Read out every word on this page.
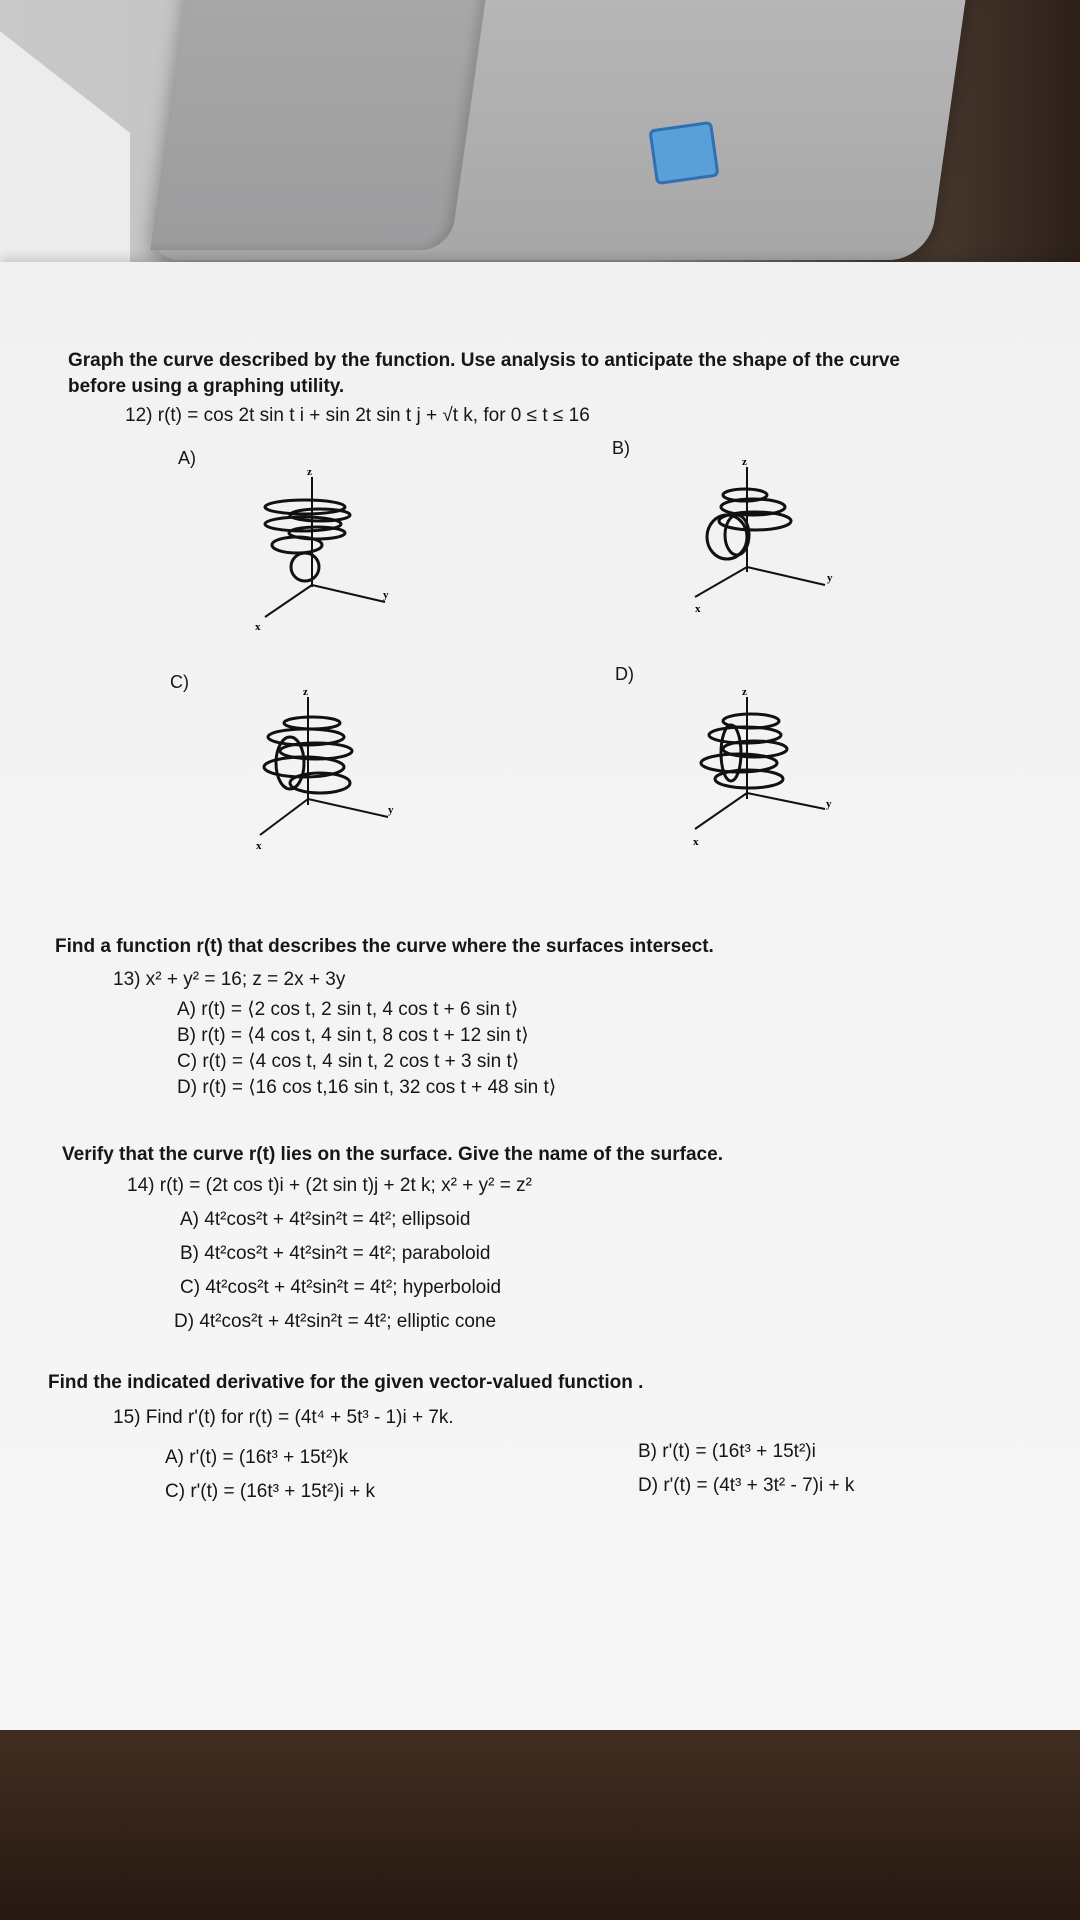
Graph the curve described by the function. Use analysis to anticipate the shape of the curve
before using a graphing utility.
12) r(t) = cos 2t sin t i + sin 2t sin t j + √t k, for 0 ≤ t ≤ 16
A)	B)
C)	D)
z
y
x
z
y
x
z
y
x
z
y
x
Find a function r(t) that describes the curve where the surfaces intersect.
13) x² + y² = 16; z = 2x + 3y
A) r(t) = ⟨2 cos t, 2 sin t, 4 cos t + 6 sin t⟩
B) r(t) = ⟨4 cos t, 4 sin t, 8 cos t + 12 sin t⟩
C) r(t) = ⟨4 cos t, 4 sin t, 2 cos t + 3 sin t⟩
D) r(t) = ⟨16 cos t,16 sin t, 32 cos t + 48 sin t⟩
Verify that the curve r(t) lies on the surface. Give the name of the surface.
14) r(t) = (2t cos t)i + (2t sin t)j + 2t k; x² + y² = z²
A) 4t²cos²t + 4t²sin²t = 4t²; ellipsoid
B) 4t²cos²t + 4t²sin²t = 4t²; paraboloid
C) 4t²cos²t + 4t²sin²t = 4t²; hyperboloid
D) 4t²cos²t + 4t²sin²t = 4t²; elliptic cone
Find the indicated derivative for the given vector-valued function .
15) Find r'(t) for r(t) = (4t⁴ + 5t³ - 1)i + 7k.
A) r'(t) = (16t³ + 15t²)k	B) r'(t) = (16t³ + 15t²)i
C) r'(t) = (16t³ + 15t²)i + k	D) r'(t) = (4t³ + 3t² - 7)i + k
